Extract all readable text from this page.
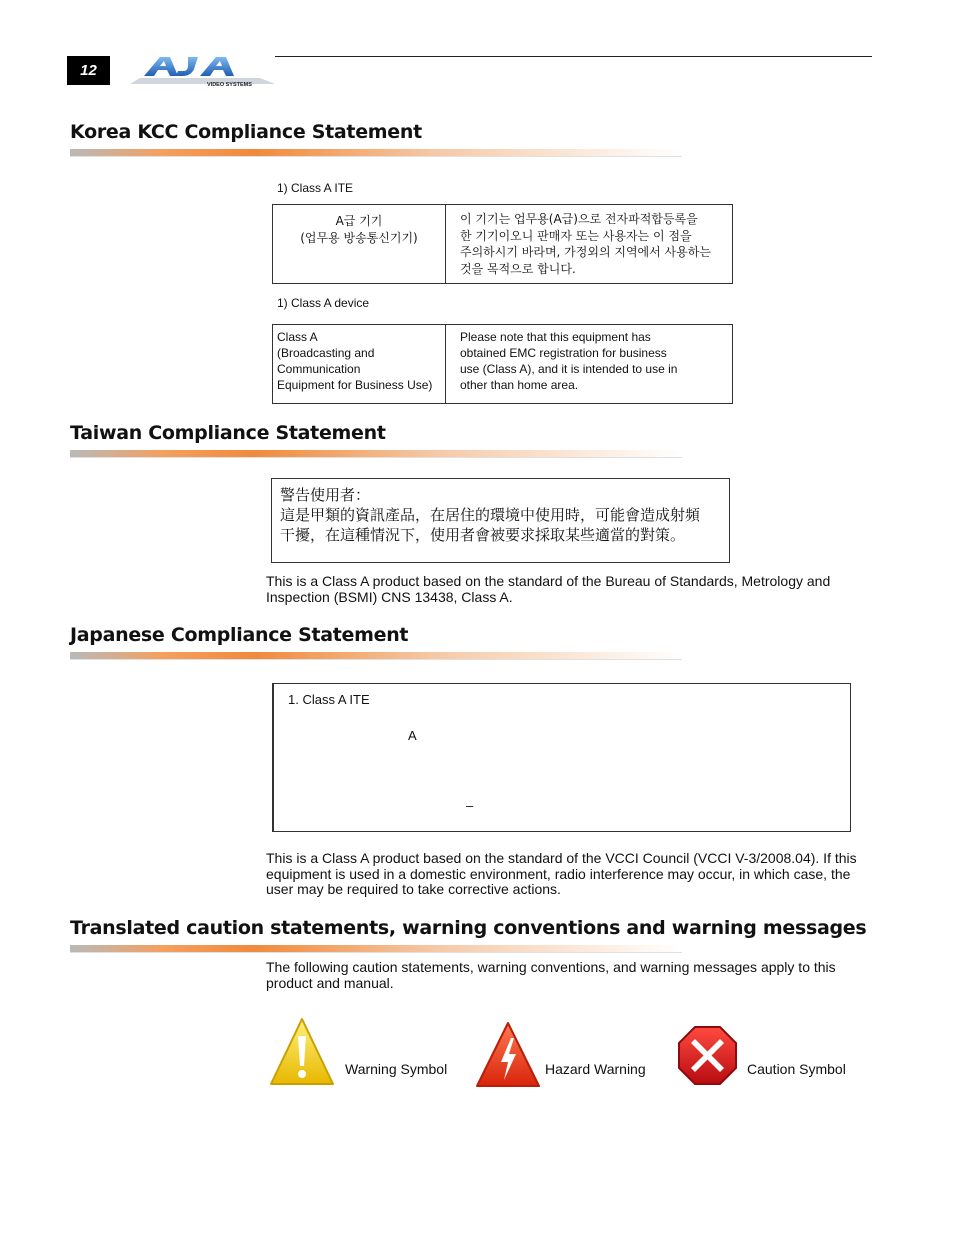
12
VIDEO SYSTEMS
Korea KCC Compliance Statement
1) Class A ITE
A급 기기
(업무용 방송통신기기)

이 기기는 업무용(A급)으로 전자파적합등록을
한 기기이오니 판매자 또는 사용자는 이 점을
주의하시기 바라며, 가정외의 지역에서 사용하는
것을 목적으로 합니다.
1) Class A device
Class A
(Broadcasting and
Communication
Equipment for Business Use)

Please note that this equipment has
obtained EMC registration for business
use (Class A), and it is intended to use in
other than home area.
Taiwan Compliance Statement
警告使用者：
這是甲類的資訊產品，在居住的環境中使用時，可能會造成射頻
干擾，在這種情況下，使用者會被要求採取某些適當的對策。
This is a Class A product based on the standard of the Bureau of Standards, Metrology and Inspection (BSMI) CNS 13438, Class A.
Japanese Compliance Statement
1. Class A ITE
A
–
This is a Class A product based on the standard of the VCCI Council (VCCI V-3/2008.04). If this equipment is used in a domestic environment, radio interference may occur, in which case, the user may be required to take corrective actions.
Translated caution statements, warning conventions and warning messages
The following caution statements, warning conventions, and warning messages apply to this product and manual.
Warning Symbol	Hazard Warning	Caution Symbol
